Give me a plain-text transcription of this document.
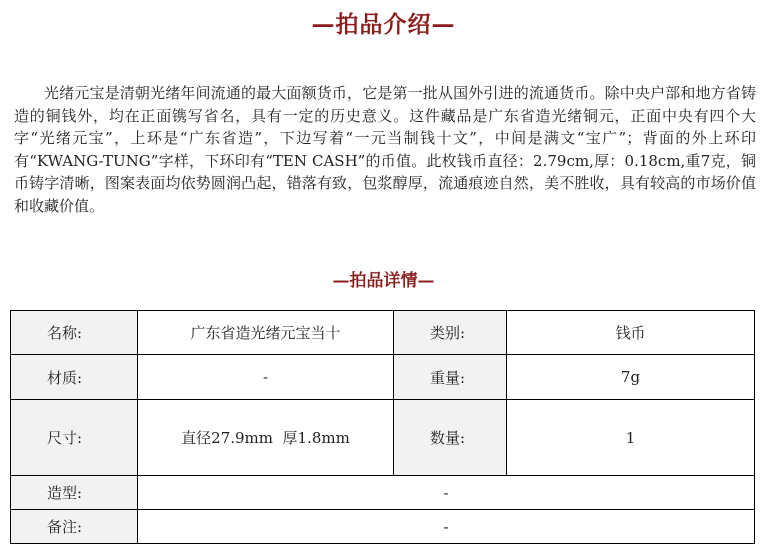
—拍品介绍—

光绪元宝是清朝光绪年间流通的最大面额货币，它是第一批从国外引进的流通货币。除中央户部和地方省铸造的铜钱外，均在正面镌写省名，具有一定的历史意义。这件藏品是广东省造光绪铜元，正面中央有四个大字“光绪元宝”，上环是“广东省造”，下边写着“一元当制钱十文”，中间是满文“宝广”；背面的外上环印有“KWANG-TUNG”字样，下环印有“TEN CASH”的币值。此枚钱币直径：2.79cm,厚：0.18cm,重7克，铜币铸字清晰，图案表面均依势圆润凸起，错落有致，包浆醇厚，流通痕迹自然，美不胜收，具有较高的市场价值和收藏价值。

—拍品详情—
名称:	广东省造光绪元宝当十	类别:	钱币
材质:	-	重量:	7g
尺寸:	直径27.9mm  厚1.8mm	数量:	1
造型:	-		
备注:	-		
